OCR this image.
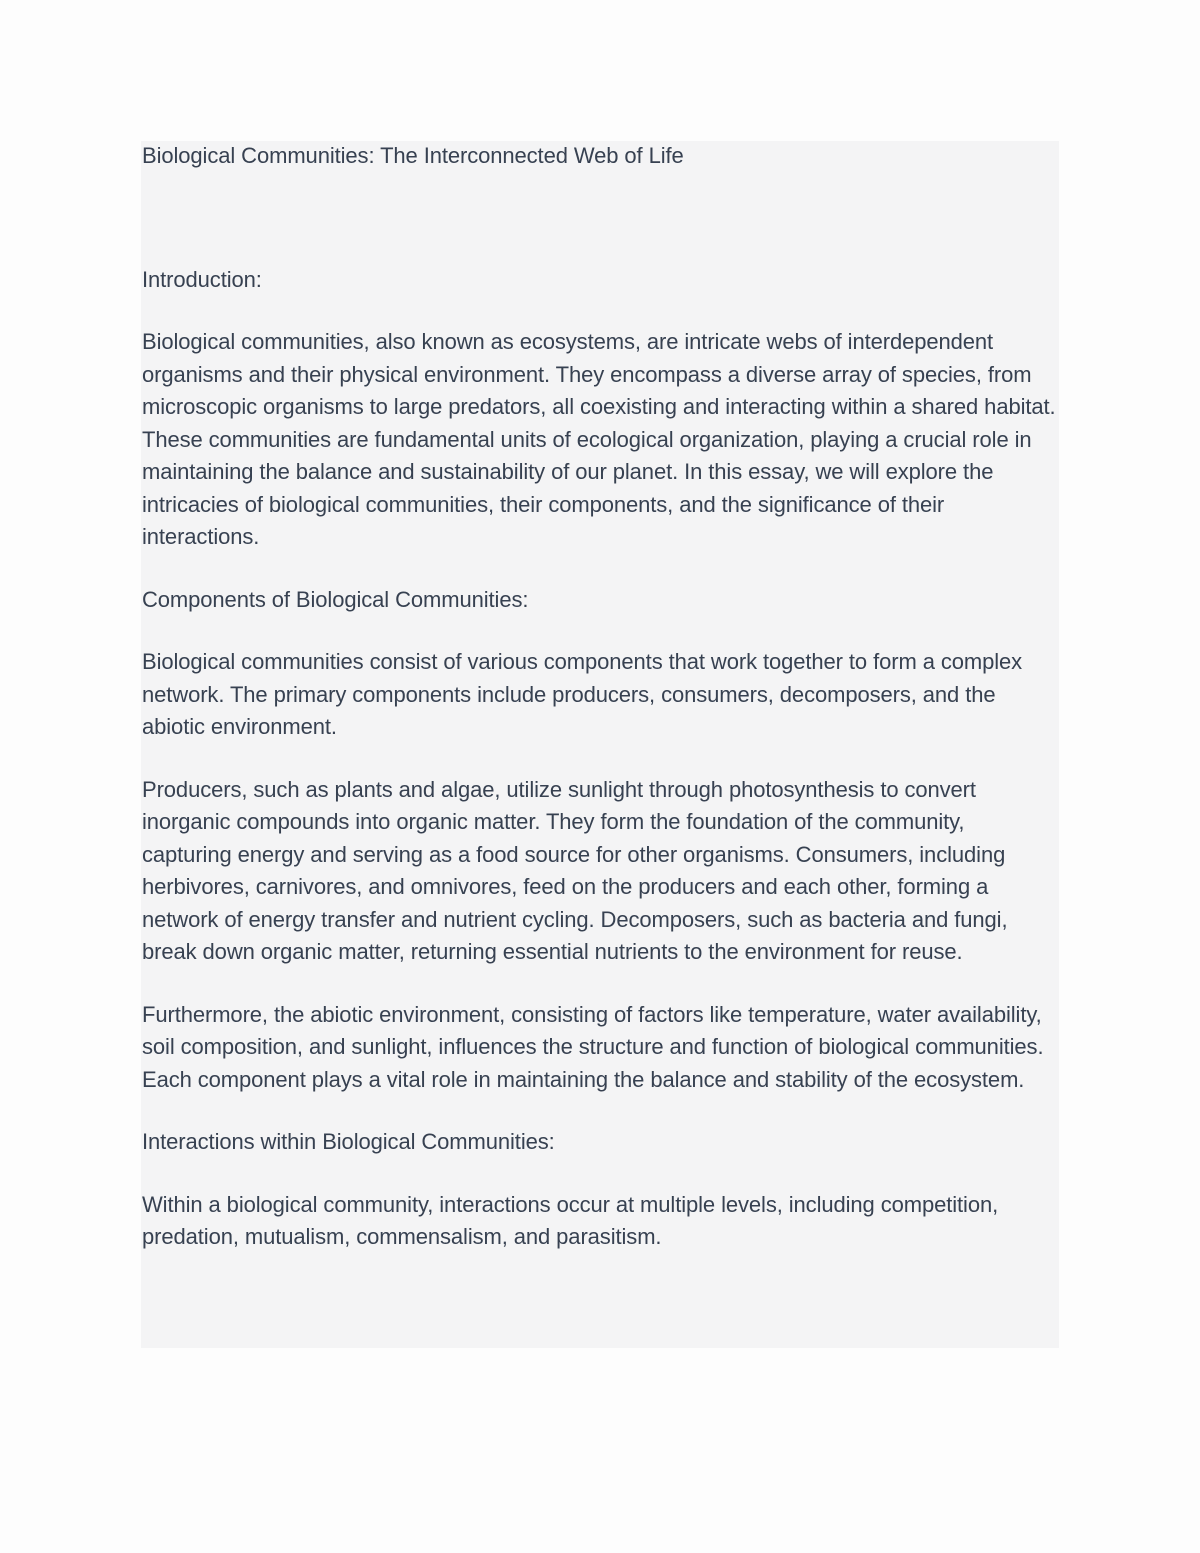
Biological Communities: The Interconnected Web of Life

Introduction:

Biological communities, also known as ecosystems, are intricate webs of interdependent organisms and their physical environment. They encompass a diverse array of species, from microscopic organisms to large predators, all coexisting and interacting within a shared habitat. These communities are fundamental units of ecological organization, playing a crucial role in maintaining the balance and sustainability of our planet. In this essay, we will explore the intricacies of biological communities, their components, and the significance of their interactions.

Components of Biological Communities:

Biological communities consist of various components that work together to form a complex network. The primary components include producers, consumers, decomposers, and the abiotic environment.

Producers, such as plants and algae, utilize sunlight through photosynthesis to convert inorganic compounds into organic matter. They form the foundation of the community, capturing energy and serving as a food source for other organisms. Consumers, including herbivores, carnivores, and omnivores, feed on the producers and each other, forming a network of energy transfer and nutrient cycling. Decomposers, such as bacteria and fungi, break down organic matter, returning essential nutrients to the environment for reuse.

Furthermore, the abiotic environment, consisting of factors like temperature, water availability, soil composition, and sunlight, influences the structure and function of biological communities. Each component plays a vital role in maintaining the balance and stability of the ecosystem.

Interactions within Biological Communities:

Within a biological community, interactions occur at multiple levels, including competition, predation, mutualism, commensalism, and parasitism.
